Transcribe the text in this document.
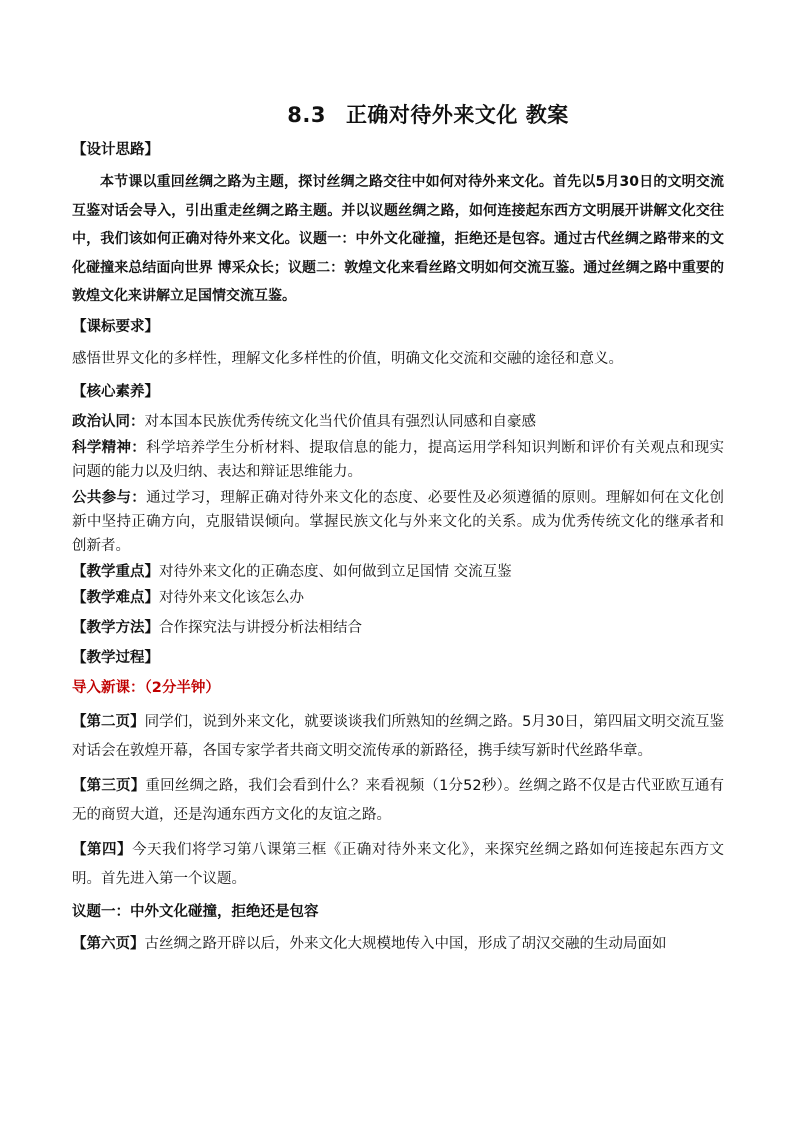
8.3 正确对待外来文化 教案
【设计思路】
本节课以重回丝绸之路为主题，探讨丝绸之路交往中如何对待外来文化。首先以5月30日的文明交流互鉴对话会导入，引出重走丝绸之路主题。并以议题丝绸之路，如何连接起东西方文明展开讲解文化交往中，我们该如何正确对待外来文化。议题一：中外文化碰撞，拒绝还是包容。通过古代丝绸之路带来的文化碰撞来总结面向世界 博采众长；议题二：敦煌文化来看丝路文明如何交流互鉴。通过丝绸之路中重要的敦煌文化来讲解立足国情交流互鉴。
【课标要求】
感悟世界文化的多样性，理解文化多样性的价值，明确文化交流和交融的途径和意义。
【核心素养】
政治认同：对本国本民族优秀传统文化当代价值具有强烈认同感和自豪感
科学精神：科学培养学生分析材料、提取信息的能力，提高运用学科知识判断和评价有关观点和现实问题的能力以及归纳、表达和辩证思维能力。
公共参与：通过学习，理解正确对待外来文化的态度、必要性及必须遵循的原则。理解如何在文化创新中坚持正确方向，克服错误倾向。掌握民族文化与外来文化的关系。成为优秀传统文化的继承者和创新者。
【教学重点】对待外来文化的正确态度、如何做到立足国情 交流互鉴
【教学难点】对待外来文化该怎么办
【教学方法】合作探究法与讲授分析法相结合
【教学过程】
导入新课：（2分半钟）
【第二页】同学们，说到外来文化，就要谈谈我们所熟知的丝绸之路。5月30日，第四届文明交流互鉴对话会在敦煌开幕，各国专家学者共商文明交流传承的新路径，携手续写新时代丝路华章。
【第三页】重回丝绸之路，我们会看到什么？来看视频（1分52秒）。丝绸之路不仅是古代亚欧互通有无的商贸大道，还是沟通东西方文化的友谊之路。
【第四】今天我们将学习第八课第三框《正确对待外来文化》，来探究丝绸之路如何连接起东西方文明。首先进入第一个议题。
议题一：中外文化碰撞，拒绝还是包容
【第六页】古丝绸之路开辟以后，外来文化大规模地传入中国，形成了胡汉交融的生动局面如
